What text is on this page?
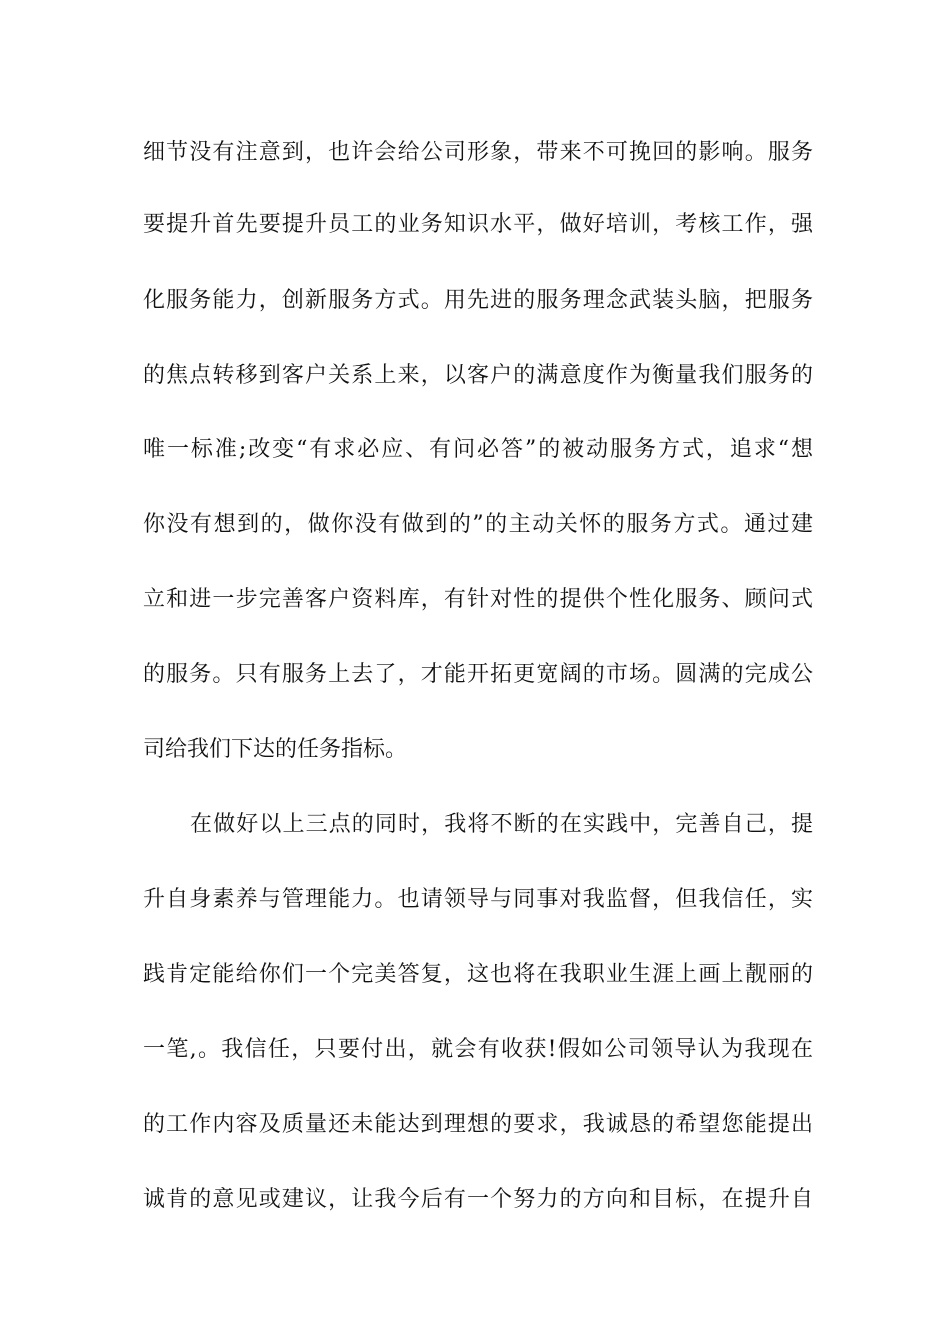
细节没有注意到，也许会给公司形象，带来不可挽回的影响。服务
要提升首先要提升员工的业务知识水平，做好培训，考核工作，强
化服务能力，创新服务方式。用先进的服务理念武装头脑，把服务
的焦点转移到客户关系上来，以客户的满意度作为衡量我们服务的
唯一标准;改变“有求必应、有问必答”的被动服务方式，追求“想
你没有想到的，做你没有做到的”的主动关怀的服务方式。通过建
立和进一步完善客户资料库，有针对性的提供个性化服务、顾问式
的服务。只有服务上去了，才能开拓更宽阔的市场。圆满的完成公
司给我们下达的任务指标。
在做好以上三点的同时，我将不断的在实践中，完善自己，提
升自身素养与管理能力。也请领导与同事对我监督，但我信任，实
践肯定能给你们一个完美答复，这也将在我职业生涯上画上靓丽的
一笔,。我信任，只要付出，就会有收获!假如公司领导认为我现在
的工作内容及质量还未能达到理想的要求，我诚恳的希望您能提出
诚肯的意见或建议，让我今后有一个努力的方向和目标，在提升自
